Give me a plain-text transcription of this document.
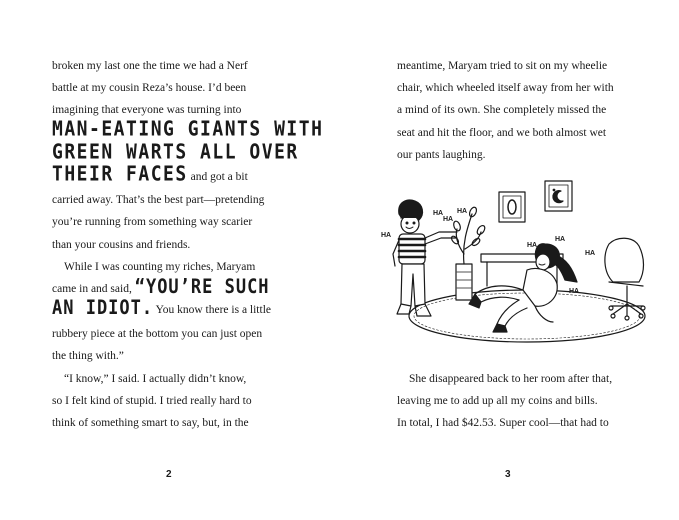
broken my last one the time we had a Nerf
battle at my cousin Reza’s house. I’d been
imagining that everyone was turning into
MAN-EATING GIANTS WITH
GREEN WARTS ALL OVER
THEIR FACES and got a bit
carried away. That’s the best part—pretending
you’re running from something way scarier
than your cousins and friends.
While I was counting my riches, Maryam
came in and said, “YOU’RE SUCH
AN IDIOT. You know there is a little
rubbery piece at the bottom you can just open
the thing with.”
“I know,” I said. I actually didn’t know,
so I felt kind of stupid. I tried really hard to
think of something smart to say, but, in the
2
meantime, Maryam tried to sit on my wheelie
chair, which wheeled itself away from her with
a mind of its own. She completely missed the
seat and hit the floor, and we both almost wet
our pants laughing.
She disappeared back to her room after that,
leaving me to add up all my coins and bills.
In total, I had $42.53. Super cool—that had to
3
HA
HA
HA
HA
HA
HA
HA
HA
